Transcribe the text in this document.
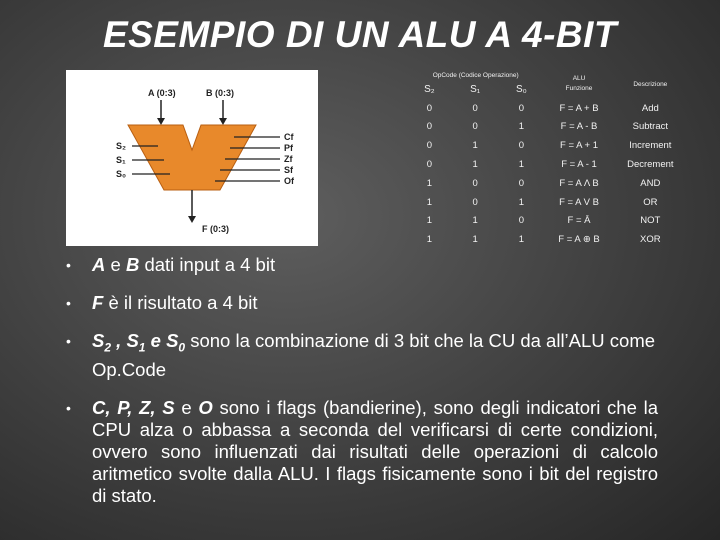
ESEMPIO DI UN ALU A 4-BIT
A (0:3)	B (0:3)
S₂
S₁
S₀
Cf
Pf
Zf
Sf
Of
F (0:3)
OpCode (Codice Operazione)			ALU
Funzione	Descrizione
S₂	S₁	S₀		
0	0	0	F = A + B	Add
0	0	1	F = A - B	Subtract
0	1	0	F = A + 1	Increment
0	1	1	F = A - 1	Decrement
1	0	0	F = A Λ B	AND
1	0	1	F = A V B	OR
1	1	0	F = Ā	NOT
1	1	1	F = A ⊕ B	XOR

• A e B dati input a 4 bit

• F è il risultato a 4 bit

• $S_2$ , $S_1$ e $S_0$ sono la combinazione di 3 bit che la CU da all’ALU come Op.Code

• C, P, Z, S e O sono i flags (bandierine), sono degli indicatori che la CPU alza o abbassa a seconda del verificarsi di certe condizioni, ovvero sono influenzati dai risultati delle operazioni di calcolo aritmetico svolte dalla ALU. I flags fisicamente sono i bit del registro di stato.
